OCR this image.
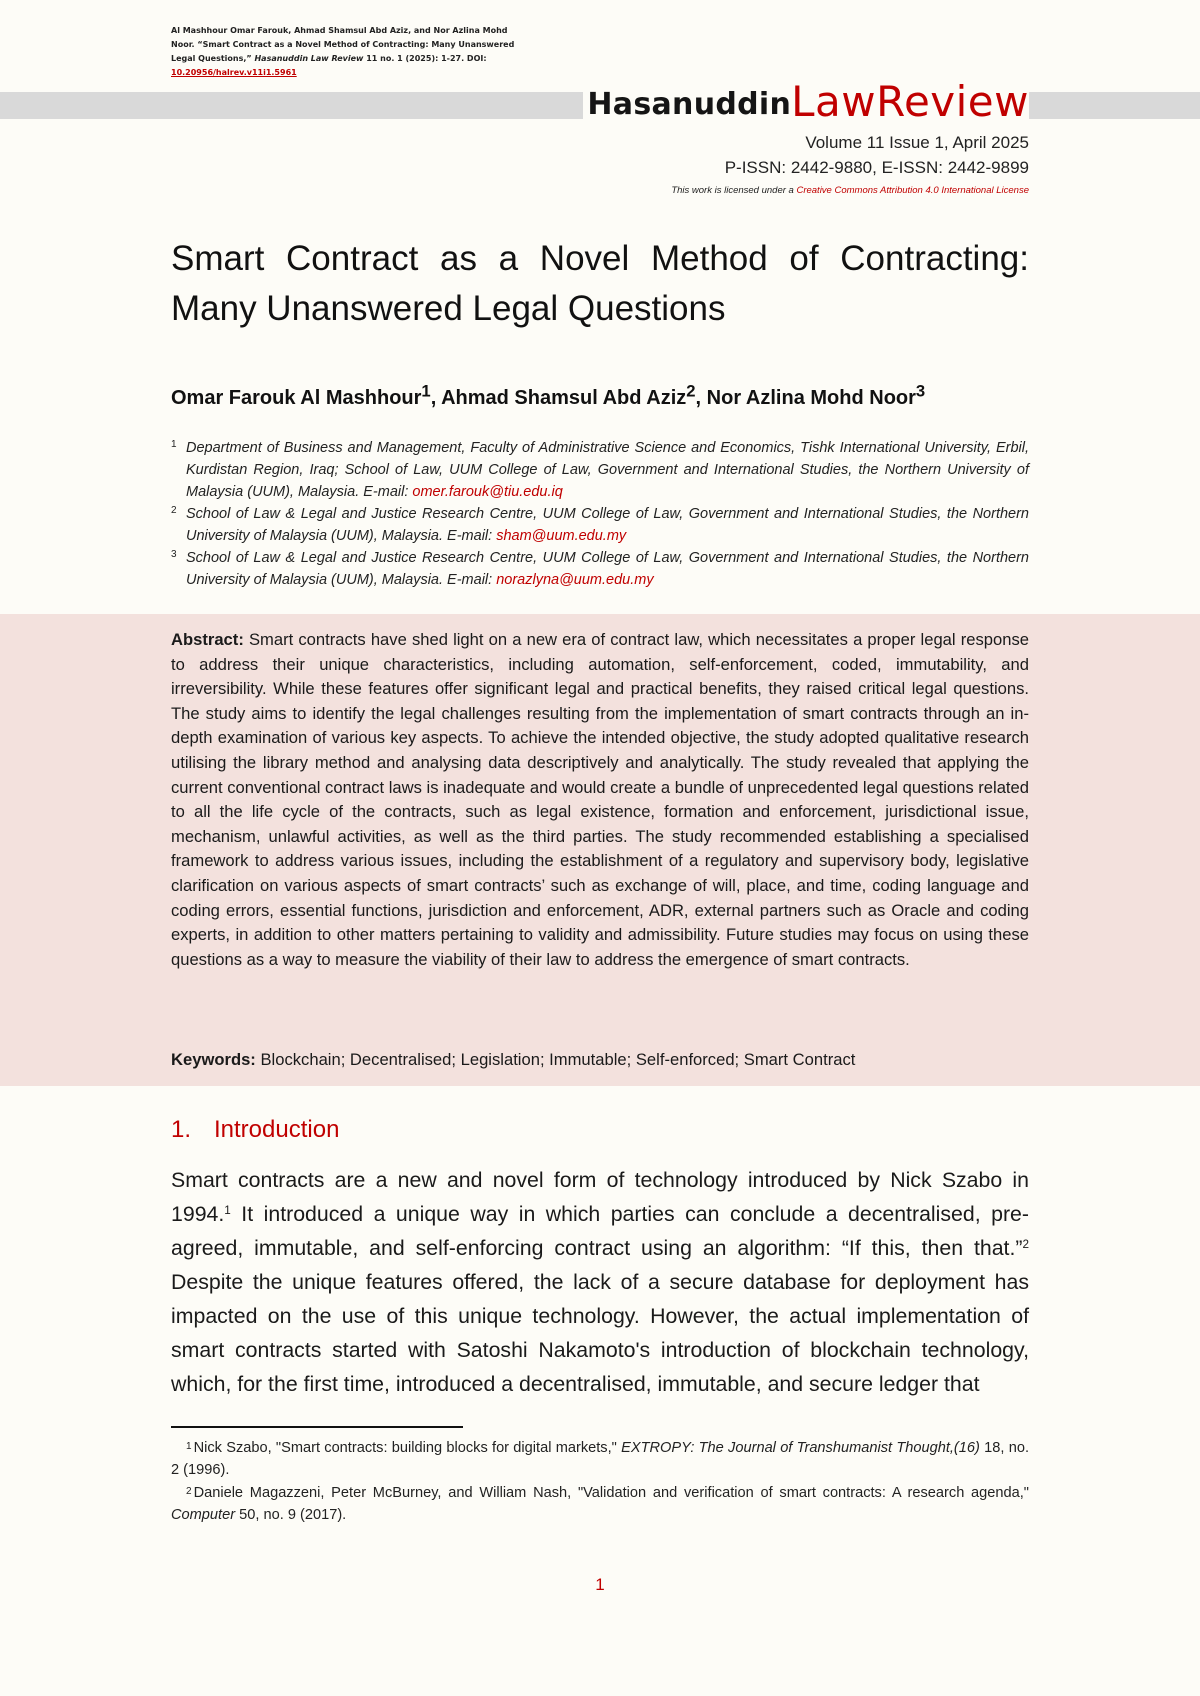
Al Mashhour Omar Farouk, Ahmad Shamsul Abd Aziz, and Nor Azlina Mohd Noor. “Smart Contract as a Novel Method of Contracting: Many Unanswered Legal Questions,” Hasanuddin Law Review 11 no. 1 (2025): 1-27. DOI: 10.20956/halrev.v11i1.5961
Hasanuddin LawReview
Volume 11 Issue 1, April 2025
P-ISSN: 2442-9880, E-ISSN: 2442-9899
This work is licensed under a Creative Commons Attribution 4.0 International License
Smart Contract as a Novel Method of Contracting: Many Unanswered Legal Questions
Omar Farouk Al Mashhour$^1$, Ahmad Shamsul Abd Aziz$^2$, Nor Azlina Mohd Noor$^3$
1 Department of Business and Management, Faculty of Administrative Science and Economics, Tishk International University, Erbil, Kurdistan Region, Iraq; School of Law, UUM College of Law, Government and International Studies, the Northern University of Malaysia (UUM), Malaysia. E-mail: omer.farouk@tiu.edu.iq
2 School of Law & Legal and Justice Research Centre, UUM College of Law, Government and International Studies, the Northern University of Malaysia (UUM), Malaysia. E-mail: sham@uum.edu.my
3 School of Law & Legal and Justice Research Centre, UUM College of Law, Government and International Studies, the Northern University of Malaysia (UUM), Malaysia. E-mail: norazlyna@uum.edu.my

Abstract: Smart contracts have shed light on a new era of contract law, which necessitates a proper legal response to address their unique characteristics, including automation, self-enforcement, coded, immutability, and irreversibility. While these features offer significant legal and practical benefits, they raised critical legal questions. The study aims to identify the legal challenges resulting from the implementation of smart contracts through an in-depth examination of various key aspects. To achieve the intended objective, the study adopted qualitative research utilising the library method and analysing data descriptively and analytically. The study revealed that applying the current conventional contract laws is inadequate and would create a bundle of unprecedented legal questions related to all the life cycle of the contracts, such as legal existence, formation and enforcement, jurisdictional issue, mechanism, unlawful activities, as well as the third parties. The study recommended establishing a specialised framework to address various issues, including the establishment of a regulatory and supervisory body, legislative clarification on various aspects of smart contracts’ such as exchange of will, place, and time, coding language and coding errors, essential functions, jurisdiction and enforcement, ADR, external partners such as Oracle and coding experts, in addition to other matters pertaining to validity and admissibility. Future studies may focus on using these questions as a way to measure the viability of their law to address the emergence of smart contracts.

Keywords: Blockchain; Decentralised; Legislation; Immutable; Self-enforced; Smart Contract

1. Introduction

Smart contracts are a new and novel form of technology introduced by Nick Szabo in 1994.$^1$ It introduced a unique way in which parties can conclude a decentralised, pre-agreed, immutable, and self-enforcing contract using an algorithm: “If this, then that.”$^2$ Despite the unique features offered, the lack of a secure database for deployment has impacted on the use of this unique technology. However, the actual implementation of smart contracts started with Satoshi Nakamoto's introduction of blockchain technology, which, for the first time, introduced a decentralised, immutable, and secure ledger that

$^1$ Nick Szabo, "Smart contracts: building blocks for digital markets," EXTROPY: The Journal of Transhumanist Thought,(16) 18, no. 2 (1996).

$^2$ Daniele Magazzeni, Peter McBurney, and William Nash, "Validation and verification of smart contracts: A research agenda," Computer 50, no. 9 (2017).

1
